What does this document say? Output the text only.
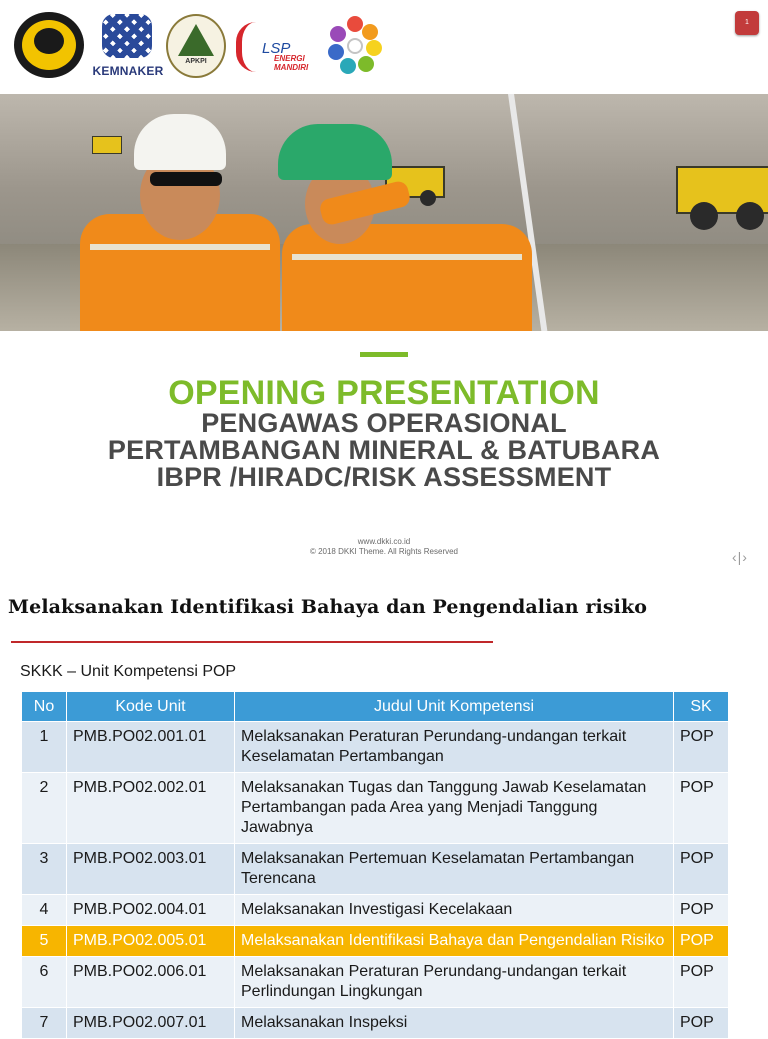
KEMNAKER
APKPI
LSP
ENERGI
MANDIRI
1
OPENING PRESENTATION
PENGAWAS OPERASIONAL
PERTAMBANGAN MINERAL & BATUBARA
IBPR /HIRADC/RISK ASSESSMENT
www.dkki.co.id
© 2018 DKKI Theme. All Rights Reserved	‹|›
Melaksanakan Identifikasi Bahaya dan Pengendalian risiko
SKKK – Unit Kompetensi POP
No	Kode Unit	Judul Unit Kompetensi	SK
1	PMB.PO02.001.01	Melaksanakan Peraturan Perundang-undangan terkait Keselamatan Pertambangan	POP
2	PMB.PO02.002.01	Melaksanakan Tugas dan Tanggung Jawab Keselamatan Pertambangan pada Area yang Menjadi Tanggung Jawabnya	POP
3	PMB.PO02.003.01	Melaksanakan Pertemuan Keselamatan Pertambangan Terencana	POP
4	PMB.PO02.004.01	Melaksanakan Investigasi Kecelakaan	POP
5	PMB.PO02.005.01	Melaksanakan Identifikasi Bahaya dan Pengendalian Risiko	POP
6	PMB.PO02.006.01	Melaksanakan Peraturan Perundang-undangan terkait Perlindungan Lingkungan	POP
7	PMB.PO02.007.01	Melaksanakan Inspeksi	POP
